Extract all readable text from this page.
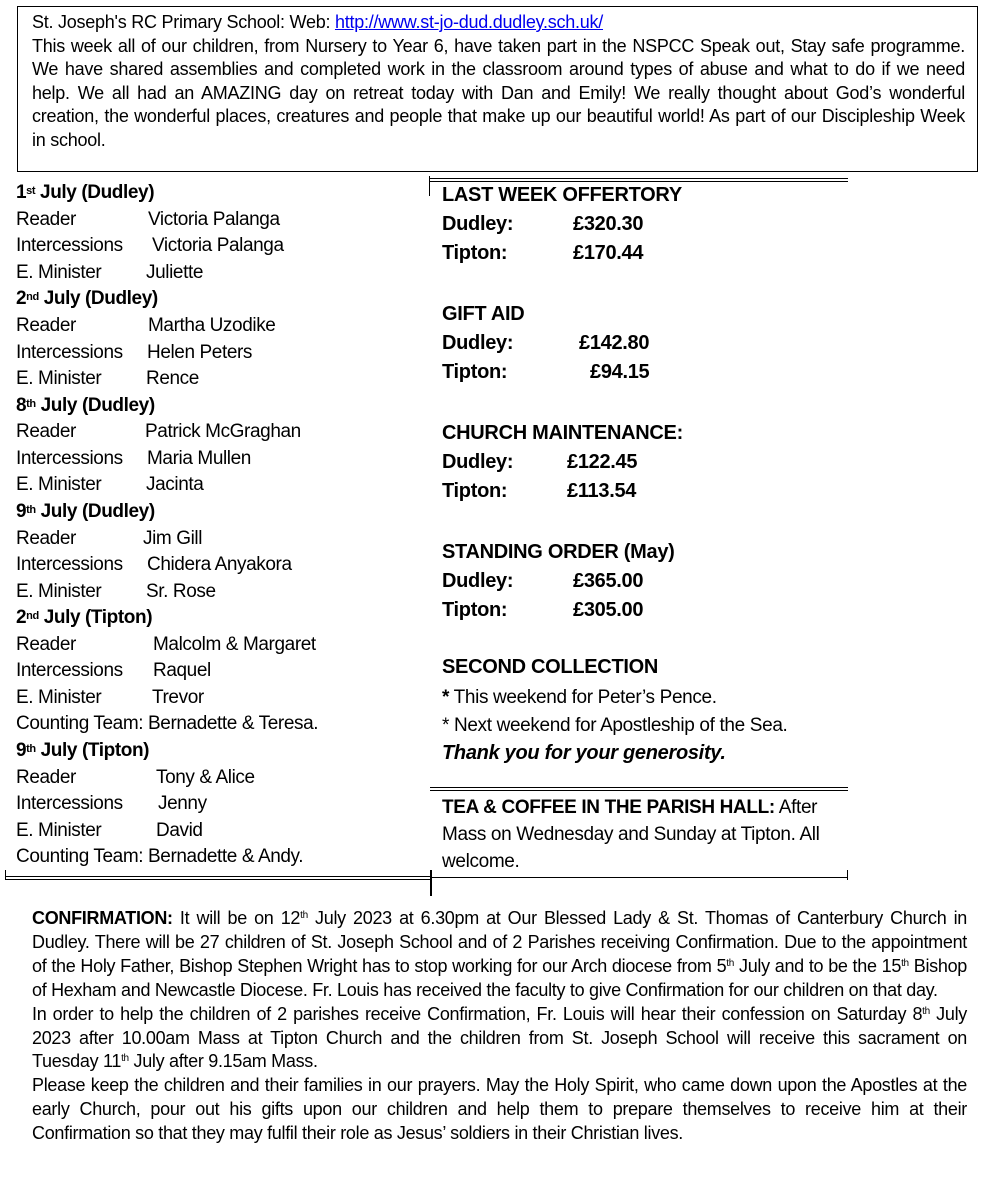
St. Joseph's RC Primary School: Web: http://www.st-jo-dud.dudley.sch.uk/
This week all of our children, from Nursery to Year 6, have taken part in the NSPCC Speak out, Stay safe programme. We have shared assemblies and completed work in the classroom around types of abuse and what to do if we need help. We all had an AMAZING day on retreat today with Dan and Emily! We really thought about God’s wonderful creation, the wonderful places, creatures and people that make up our beautiful world! As part of our Discipleship Week in school.
1st July (Dudley)
Reader	Victoria Palanga
Intercessions Victoria Palanga
E. Minister Juliette
2nd July (Dudley)
Reader	Martha Uzodike
Intercessions Helen Peters
E. Minister Rence
8th July (Dudley)
Reader	Patrick McGraghan
Intercessions Maria Mullen
E. Minister Jacinta
9th July (Dudley)
Reader	Jim Gill
Intercessions Chidera Anyakora
E. Minister Sr. Rose
2nd July (Tipton)
Reader	Malcolm & Margaret
Intercessions Raquel
E. Minister	Trevor
Counting Team: Bernadette & Teresa.
9th July (Tipton)
Reader	Tony & Alice
Intercessions Jenny
E. Minister	David
Counting Team: Bernadette & Andy.
LAST WEEK OFFERTORY
Dudley:	£320.30
Tipton:	£170.44
GIFT AID
Dudley:	£142.80
Tipton:	£94.15
CHURCH MAINTENANCE:
Dudley:	£122.45
Tipton:	£113.54
STANDING ORDER (May)
Dudley:	£365.00
Tipton:	£305.00
SECOND COLLECTION
* This weekend for Peter’s Pence.
* Next weekend for Apostleship of the Sea.
Thank you for your generosity.
TEA & COFFEE IN THE PARISH HALL: After Mass on Wednesday and Sunday at Tipton. All welcome.

CONFIRMATION: It will be on 12th July 2023 at 6.30pm at Our Blessed Lady & St. Thomas of Canterbury Church in Dudley. There will be 27 children of St. Joseph School and of 2 Parishes receiving Confirmation. Due to the appointment of the Holy Father, Bishop Stephen Wright has to stop working for our Arch diocese from 5th July and to be the 15th Bishop of Hexham and Newcastle Diocese. Fr. Louis has received the faculty to give Confirmation for our children on that day.

In order to help the children of 2 parishes receive Confirmation, Fr. Louis will hear their confession on Saturday 8th July 2023 after 10.00am Mass at Tipton Church and the children from St. Joseph School will receive this sacrament on Tuesday 11th July after 9.15am Mass.

Please keep the children and their families in our prayers. May the Holy Spirit, who came down upon the Apostles at the early Church, pour out his gifts upon our children and help them to prepare themselves to receive him at their Confirmation so that they may fulfil their role as Jesus’ soldiers in their Christian lives.
